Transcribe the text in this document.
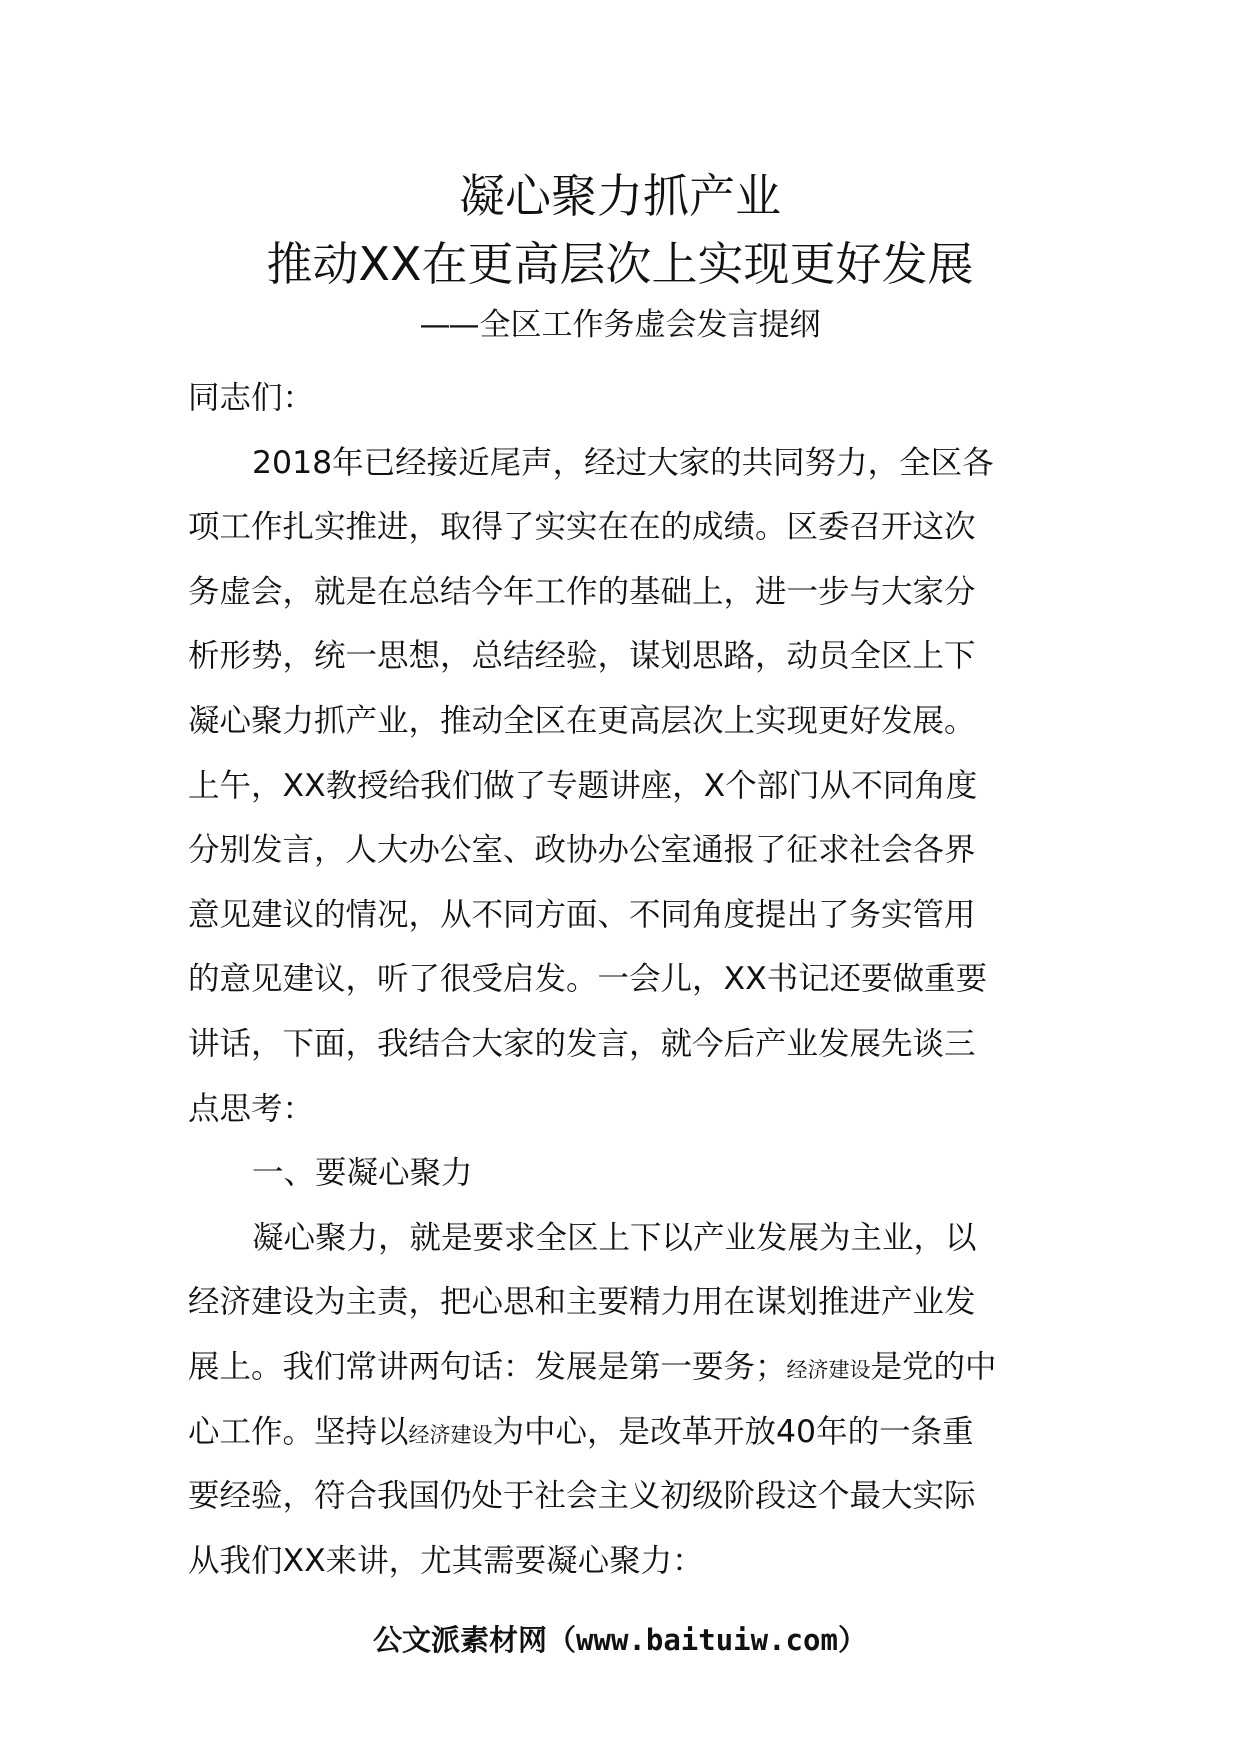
凝心聚力抓产业
推动XX在更高层次上实现更好发展
——全区工作务虚会发言提纲
同志们：
2018年已经接近尾声，经过大家的共同努力，全区各
项工作扎实推进，取得了实实在在的成绩。区委召开这次
务虚会，就是在总结今年工作的基础上，进一步与大家分
析形势，统一思想，总结经验，谋划思路，动员全区上下
凝心聚力抓产业，推动全区在更高层次上实现更好发展。
上午，XX教授给我们做了专题讲座，X个部门从不同角度
分别发言，人大办公室、政协办公室通报了征求社会各界
意见建议的情况，从不同方面、不同角度提出了务实管用
的意见建议，听了很受启发。一会儿，XX书记还要做重要
讲话，下面，我结合大家的发言，就今后产业发展先谈三
点思考：
一、要凝心聚力
凝心聚力，就是要求全区上下以产业发展为主业，以
经济建设为主责，把心思和主要精力用在谋划推进产业发
展上。我们常讲两句话：发展是第一要务；经济建设是党的中
心工作。坚持以经济建设为中心，是改革开放40年的一条重
要经验，符合我国仍处于社会主义初级阶段这个最大实际
从我们XX来讲，尤其需要凝心聚力：
公文派素材网（www.baituiw.com）
